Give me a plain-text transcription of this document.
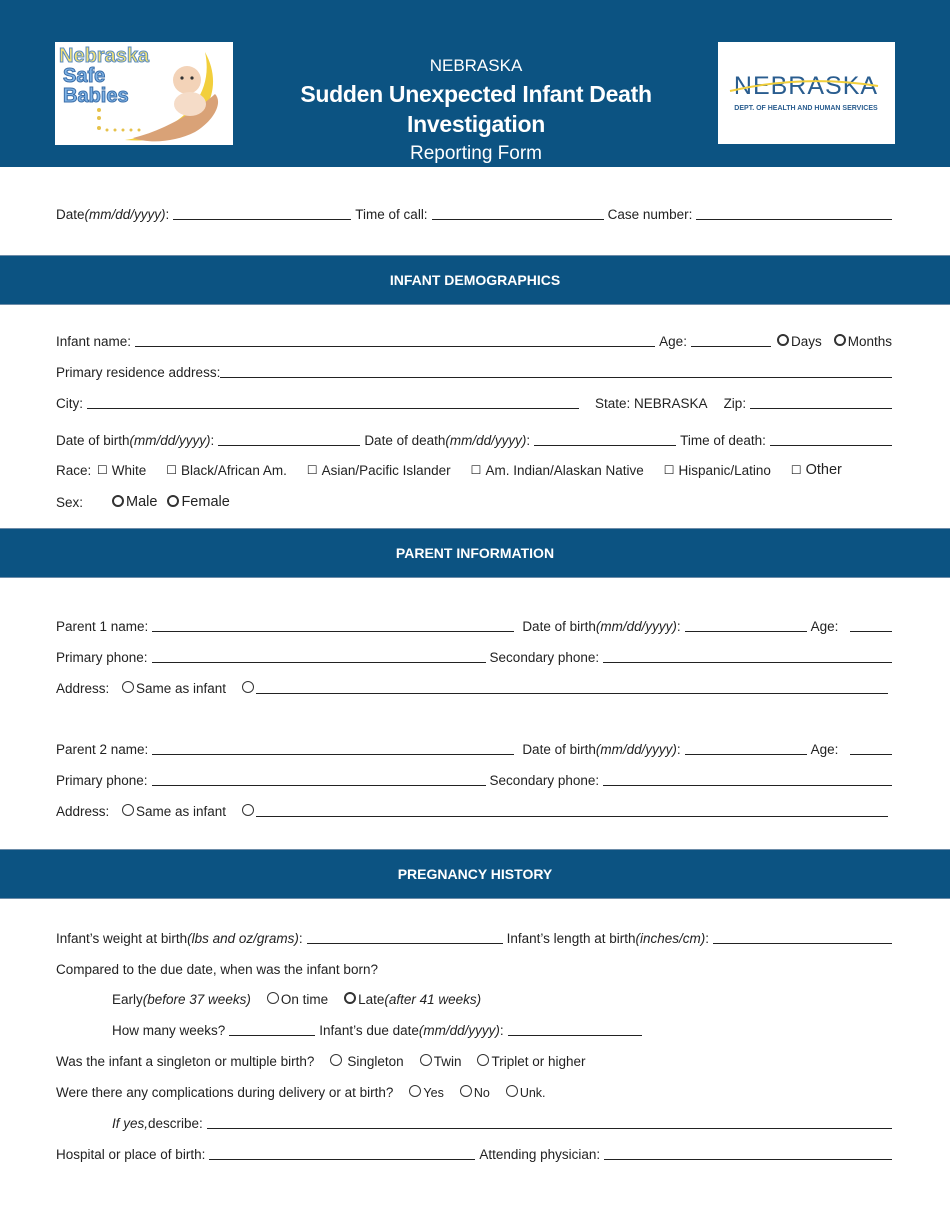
Nebraska
Safe
Babies
NEBRASKA
Sudden Unexpected Infant Death Investigation
Reporting Form
NEBRASKA
DEPT. OF HEALTH AND HUMAN SERVICES
Date (mm/dd/yyyy) :	Time of call:	Case number:
INFANT DEMOGRAPHICS
Infant name:	Age:	Days Months
Primary residence address:
City:	State: NEBRASKA Zip:
Date of birth (mm/dd/yyyy) :	Date of death (mm/dd/yyyy) :	Time of death:
Race: ☐ White ☐ Black/African Am. ☐ Asian/Pacific Islander ☐ Am. Indian/Alaskan Native ☐ Hispanic/Latino ☐ Other
Sex:	Male Female
PARENT INFORMATION
Parent 1 name:	Date of birth (mm/dd/yyyy) :	Age:
Primary phone:	Secondary phone:
Address:	Same as infant
Parent 2 name:	Date of birth (mm/dd/yyyy) :	Age:
Primary phone:	Secondary phone:
Address:	Same as infant
PREGNANCY HISTORY
Infant’s weight at birth (lbs and oz/grams) :	Infant’s length at birth (inches/cm) :
Compared to the due date, when was the infant born?
Early (before 37 weeks) On time Late (after 41 weeks)
How many weeks?	Infant’s due date (mm/dd/yyyy) :
Was the infant a singleton or multiple birth? Singleton Twin Triplet or higher
Were there any complications during delivery or at birth? Yes No Unk.
If yes, describe:
Hospital or place of birth:	Attending physician:
